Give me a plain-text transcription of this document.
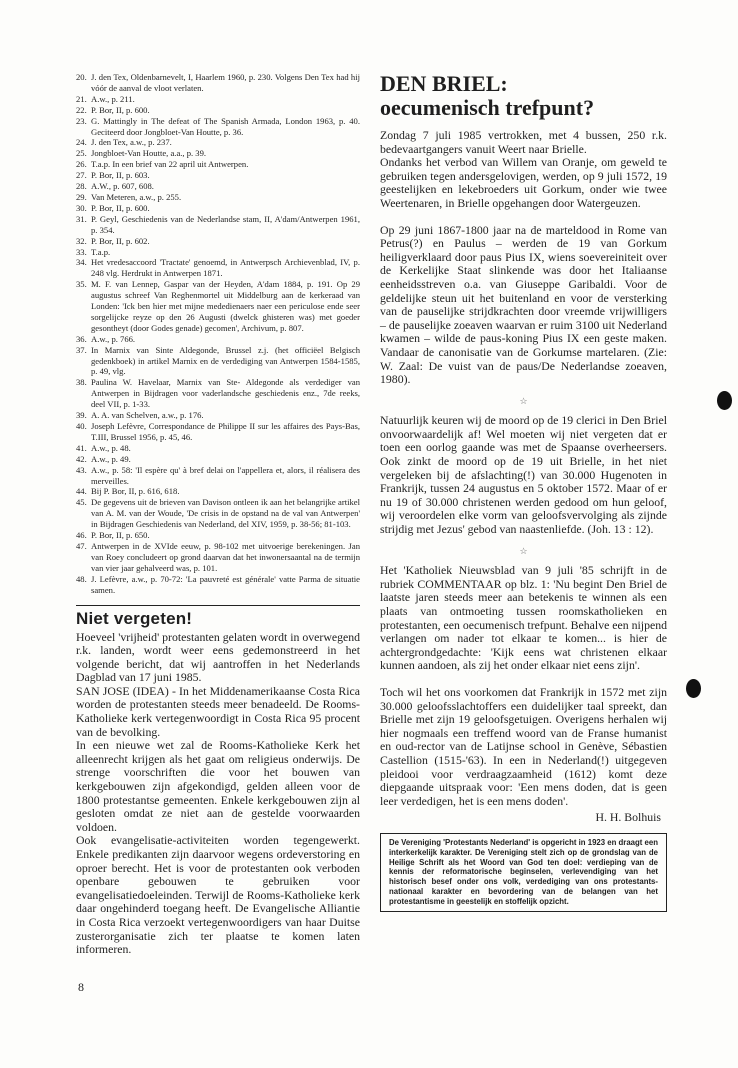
20. J. den Tex, Oldenbarnevelt, I, Haarlem 1960, p. 230. Volgens Den Tex had hij vóór de aanval de vloot verlaten.
21. A.w., p. 211.
22. P. Bor, II, p. 600.
23. G. Mattingly in The defeat of The Spanish Armada, London 1963, p. 40. Geciteerd door Jongbloet-Van Houtte, p. 36.
24. J. den Tex, a.w., p. 237.
25. Jongbloet-Van Houtte, a.a., p. 39.
26. T.a.p. In een brief van 22 april uit Antwerpen.
27. P. Bor, II, p. 603.
28. A.W., p. 607, 608.
29. Van Meteren, a.w., p. 255.
30. P. Bor, II, p. 600.
31. P. Geyl, Geschiedenis van de Nederlandse stam, II, A'dam/Antwerpen 1961, p. 354.
32. P. Bor, II, p. 602.
33. T.a.p.
34. Het vredesaccoord 'Tractate' genoemd, in Antwerpsch Archievenblad, IV, p. 248 vlg. Herdrukt in Antwerpen 1871.
35. M. F. van Lennep, Gaspar van der Heyden, A'dam 1884, p. 191. Op 29 augustus schreef Van Reghenmortel uit Middelburg aan de kerkeraad van Londen: 'Ick ben hier met mijne mededienaers naer een periculose ende seer sorgelijcke reyze op den 26 Augusti (dwelck ghisteren was) met goeder gesontheyt (door Godes genade) gecomen', Archivum, p. 807.
36. A.w., p. 766.
37. In Marnix van Sinte Aldegonde, Brussel z.j. (het officiëel Belgisch gedenkboek) in artikel Marnix en de verdediging van Antwerpen 1584-1585, p. 49, vlg.
38. Paulina W. Havelaar, Marnix van Ste- Aldegonde als verdediger van Antwerpen in Bijdragen voor vaderlandsche geschiedenis enz., 7de reeks, deel VII, p. 1-33.
39. A. A. van Schelven, a.w., p. 176.
40. Joseph Lefèvre, Correspondance de Philippe II sur les affaires des Pays-Bas, T.III, Brussel 1956, p. 45, 46.
41. A.w., p. 48.
42. A.w., p. 49.
43. A.w., p. 58: 'Il espère qu' à bref delai on l'appellera et, alors, il réalisera des merveilles.
44. Bij P. Bor, II, p. 616, 618.
45. De gegevens uit de brieven van Davison ontleen ik aan het belangrijke artikel van A. M. van der Woude, 'De crisis in de opstand na de val van Antwerpen' in Bijdragen Geschiedenis van Nederland, del XIV, 1959, p. 38-56; 81-103.
46. P. Bor, II, p. 650.
47. Antwerpen in de XVIde eeuw, p. 98-102 met uitvoerige berekeningen. Jan van Roey concludeert op grond daarvan dat het inwonersaantal na de termijn van vier jaar gehalveerd was, p. 101.
48. J. Lefèvre, a.w., p. 70-72: 'La pauvreté est générale' vatte Parma de situatie samen.
Niet vergeten!

Hoeveel 'vrijheid' protestanten gelaten wordt in overwegend r.k. landen, wordt weer eens gedemonstreerd in het volgende bericht, dat wij aantroffen in het Nederlands Dagblad van 17 juni 1985.

SAN JOSE (IDEA) - In het Middenamerikaanse Costa Rica worden de protestanten steeds meer benadeeld. De Rooms-Katholieke kerk vertegenwoordigt in Costa Rica 95 procent van de bevolking.

In een nieuwe wet zal de Rooms-Katholieke Kerk het alleenrecht krijgen als het gaat om religieus onderwijs. De strenge voorschriften die voor het bouwen van kerkgebouwen zijn afgekondigd, gelden alleen voor de 1800 protestantse gemeenten. Enkele kerkgebouwen zijn al gesloten omdat ze niet aan de gestelde voorwaarden voldoen.

Ook evangelisatie-activiteiten worden tegengewerkt. Enkele predikanten zijn daarvoor wegens ordeverstoring en oproer berecht. Het is voor de protestanten ook verboden openbare gebouwen te gebruiken voor evangelisatiedoeleinden. Terwijl de Rooms-Katholieke kerk daar ongehinderd toegang heeft. De Evangelische Alliantie in Costa Rica verzoekt vertegenwoordigers van haar Duitse zusterorganisatie zich ter plaatse te komen laten informeren.

DEN BRIEL:
oecumenisch trefpunt?

Zondag 7 juli 1985 vertrokken, met 4 bussen, 250 r.k. bedevaartgangers vanuit Weert naar Brielle.

Ondanks het verbod van Willem van Oranje, om geweld te gebruiken tegen andersgelovigen, werden, op 9 juli 1572, 19 geestelijken en lekebroeders uit Gorkum, onder wie twee Weertenaren, in Brielle opgehangen door Watergeuzen.

Op 29 juni 1867-1800 jaar na de marteldood in Rome van Petrus(?) en Paulus – werden de 19 van Gorkum heiligverklaard door paus Pius IX, wiens soevereiniteit over de Kerkelijke Staat slinkende was door het Italiaanse eenheidsstreven o.a. van Giuseppe Garibaldi. Voor de geldelijke steun uit het buitenland en voor de versterking van de pauselijke strijdkrachten door vreemde vrijwilligers – de pauselijke zoeaven waarvan er ruim 3100 uit Nederland kwamen – wilde de paus-koning Pius IX een geste maken. Vandaar de canonisatie van de Gorkumse martelaren. (Zie: W. Zaal: De vuist van de paus/De Nederlandse zoeaven, 1980).

☆

Natuurlijk keuren wij de moord op de 19 clerici in Den Briel onvoorwaardelijk af! Wel moeten wij niet vergeten dat er toen een oorlog gaande was met de Spaanse overheersers. Ook zinkt de moord op de 19 uit Brielle, in het niet vergeleken bij de afslachting(!) van 30.000 Hugenoten in Frankrijk, tussen 24 augustus en 5 oktober 1572. Maar of er nu 19 of 30.000 christenen werden gedood om hun geloof, wij veroordelen elke vorm van geloofsvervolging als zijnde strijdig met Jezus' gebod van naastenliefde. (Joh. 13 : 12).

☆

Het 'Katholiek Nieuwsblad van 9 juli '85 schrijft in de rubriek COMMENTAAR op blz. 1: 'Nu begint Den Briel de laatste jaren steeds meer aan betekenis te winnen als een plaats van ontmoeting tussen roomskatholieken en protestanten, een oecumenisch trefpunt. Behalve een nijpend verlangen om nader tot elkaar te komen... is hier de achtergrondgedachte: 'Kijk eens wat christenen elkaar kunnen aandoen, als zij het onder elkaar niet eens zijn'.

Toch wil het ons voorkomen dat Frankrijk in 1572 met zijn 30.000 geloofsslachtoffers een duidelijker taal spreekt, dan Brielle met zijn 19 geloofsgetuigen. Overigens herhalen wij hier nogmaals een treffend woord van de Franse humanist en oud-rector van de Latijnse school in Genève, Sébastien Castellion (1515-'63). In een in Nederland(!) uitgegeven pleidooi voor verdraagzaamheid (1612) komt deze diepgaande uitspraak voor: 'Een mens doden, dat is geen leer verdedigen, het is een mens doden'.

H. H. Bolhuis
De Vereniging 'Protestants Nederland' is opgericht in 1923 en draagt een interkerkelijk karakter. De Vereniging stelt zich op de grondslag van de Heilige Schrift als het Woord van God ten doel: verdieping van de kennis der reformatorische beginselen, verlevendiging van het historisch besef onder ons volk, verdediging van ons protestants-nationaal karakter en bevordering van de belangen van het protestantisme in geestelijk en stoffelijk opzicht.
8
